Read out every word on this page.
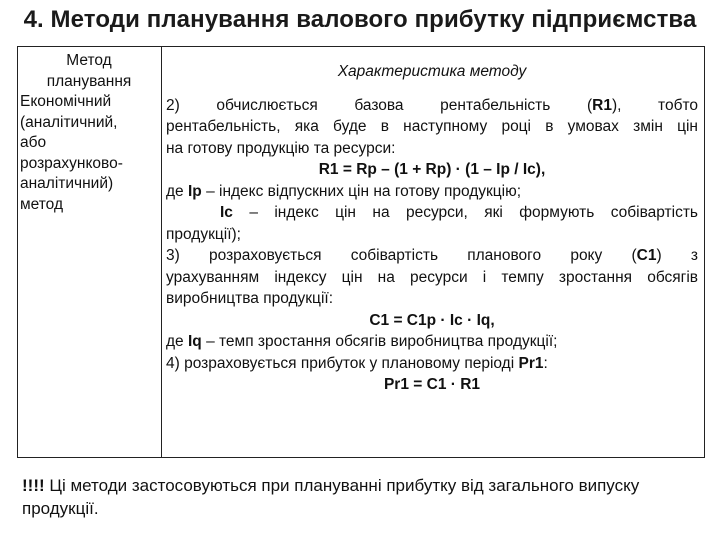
4. Методи планування валового прибутку підприємства
Метод
планування
Економічний
(аналітичний,
або
розрахунково-
аналітичний)
метод
Характеристика методу
2) обчислюється базова рентабельність (R1), тобто
рентабельність, яка буде в наступному році в умовах змін цін
на готову продукцію та ресурси:
R1 = Rp – (1 + Rp) · (1 – Ip / Ic),
де Ip – індекс відпускних цін на готову продукцію;
Ic – індекс цін на ресурси, які формують собівартість
продукції);
3) розраховується собівартість планового року (С1) з
урахуванням індексу цін на ресурси і темпу зростання обсягів
виробництва продукції:
С1 = С1р · Iс · Iq,
де Iq – темп зростання обсягів виробництва продукції;
4) розраховується прибуток у плановому періоді Pr1:
Pr1 = C1 · R1
!!!! Ці методи застосовуються при плануванні прибутку від загального випуску продукції.
